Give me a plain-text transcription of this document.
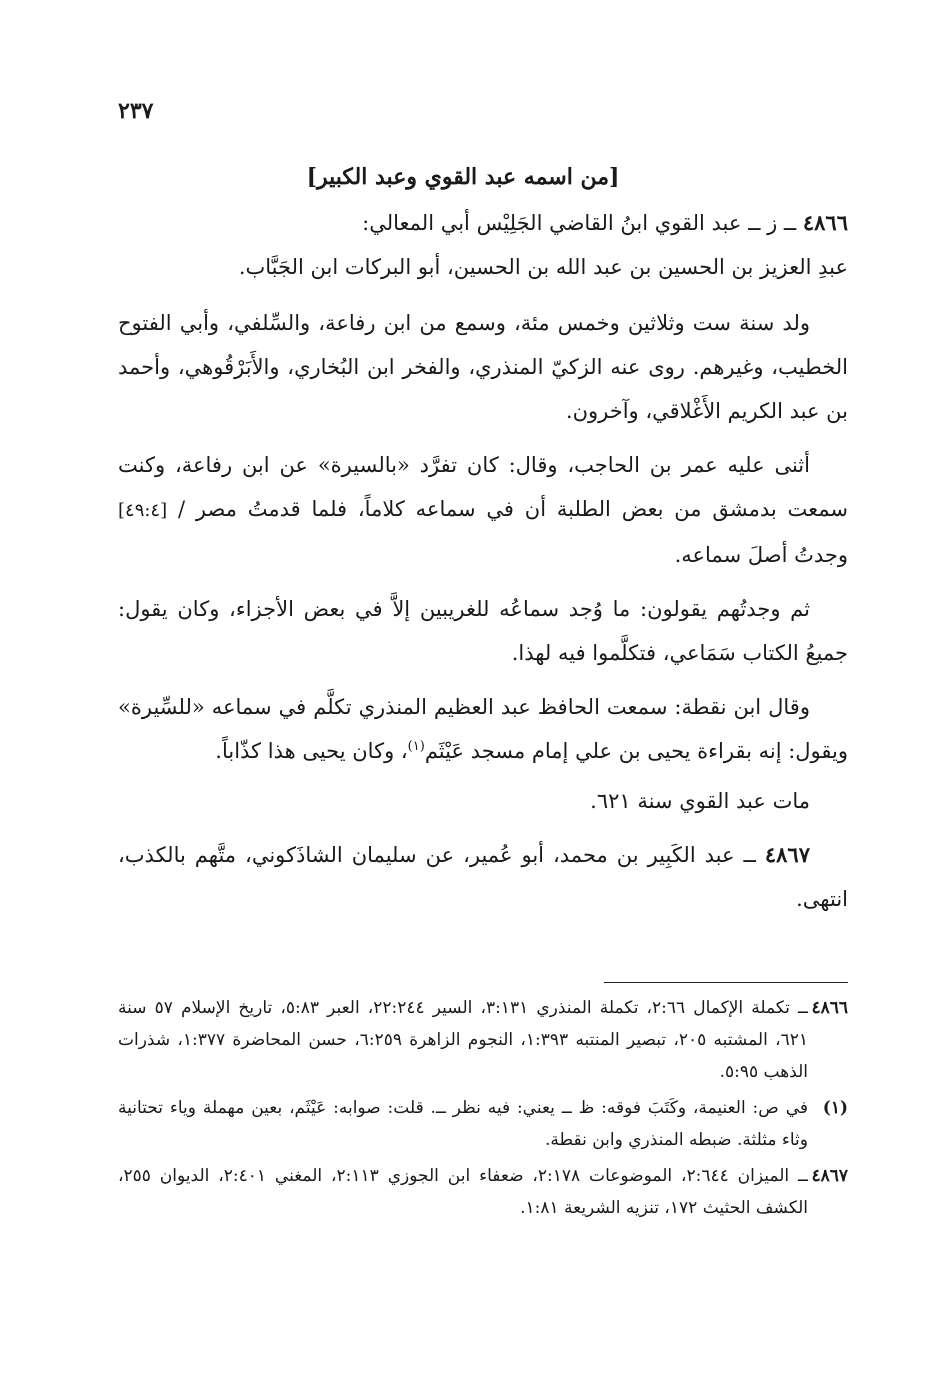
٢٣٧
[من اسمه عبد القوي وعبد الكبير]

٤٨٦٦ ــ ز ــ عبد القوي ابنُ القاضي الجَلِيْس أبي المعالي:

عبدِ العزيز بن الحسين بن عبد الله بن الحسين، أبو البركات ابن الجَبَّاب.

ولد سنة ست وثلاثين وخمس مئة، وسمع من ابن رفاعة، والسِّلفي، وأبي الفتوح الخطيب، وغيرهم. روى عنه الزكيّ المنذري، والفخر ابن البُخاري، والأَبَرْقُوهي، وأحمد بن عبد الكريم الأَغْلاقي، وآخرون.

أثنى عليه عمر بن الحاجب، وقال: كان تفرَّد «بالسيرة» عن ابن رفاعة، وكنت سمعت بدمشق من بعض الطلبة أن في سماعه كلاماً، فلما قدمتُ مصر / [٤٩:٤] وجدتُ أصلَ سماعه.

ثم وجدتُهم يقولون: ما وُجد سماعُه للغريبين إلاَّ في بعض الأجزاء، وكان يقول: جميعُ الكتاب سَمَاعي، فتكلَّموا فيه لهذا.

وقال ابن نقطة: سمعت الحافظ عبد العظيم المنذري تكلَّم في سماعه «للسِّيرة» ويقول: إنه بقراءة يحيى بن علي إمام مسجد عَيْثَم$^{(١)}$، وكان يحيى هذا كذّاباً.

مات عبد القوي سنة ٦٢١.

٤٨٦٧ ــ عبد الكَبِير بن محمد، أبو عُمير، عن سليمان الشاذَكوني، متَّهم بالكذب، انتهى.

٤٨٦٦ــ تكملة الإكمال ٢:٦٦، تكملة المنذري ٣:١٣١، السير ٢٢:٢٤٤، العبر ٥:٨٣، تاريخ الإسلام ٥٧ سنة ٦٢١، المشتبه ٢٠٥، تبصير المنتبه ١:٣٩٣، النجوم الزاهرة ٦:٢٥٩، حسن المحاضرة ١:٣٧٧، شذرات الذهب ٥:٩٥.

(١)في ص: العنيمة، وكَتَبَ فوقه: ظ ــ يعني: فيه نظر ــ. قلت: صوابه: عَيْثَم، بعين مهملة وياء تحتانية وثاء مثلثة. ضبطه المنذري وابن نقطة.

٤٨٦٧ــ الميزان ٢:٦٤٤، الموضوعات ٢:١٧٨، ضعفاء ابن الجوزي ٢:١١٣، المغني ٢:٤٠١، الديوان ٢٥٥، الكشف الحثيث ١٧٢، تنزيه الشريعة ١:٨١.
